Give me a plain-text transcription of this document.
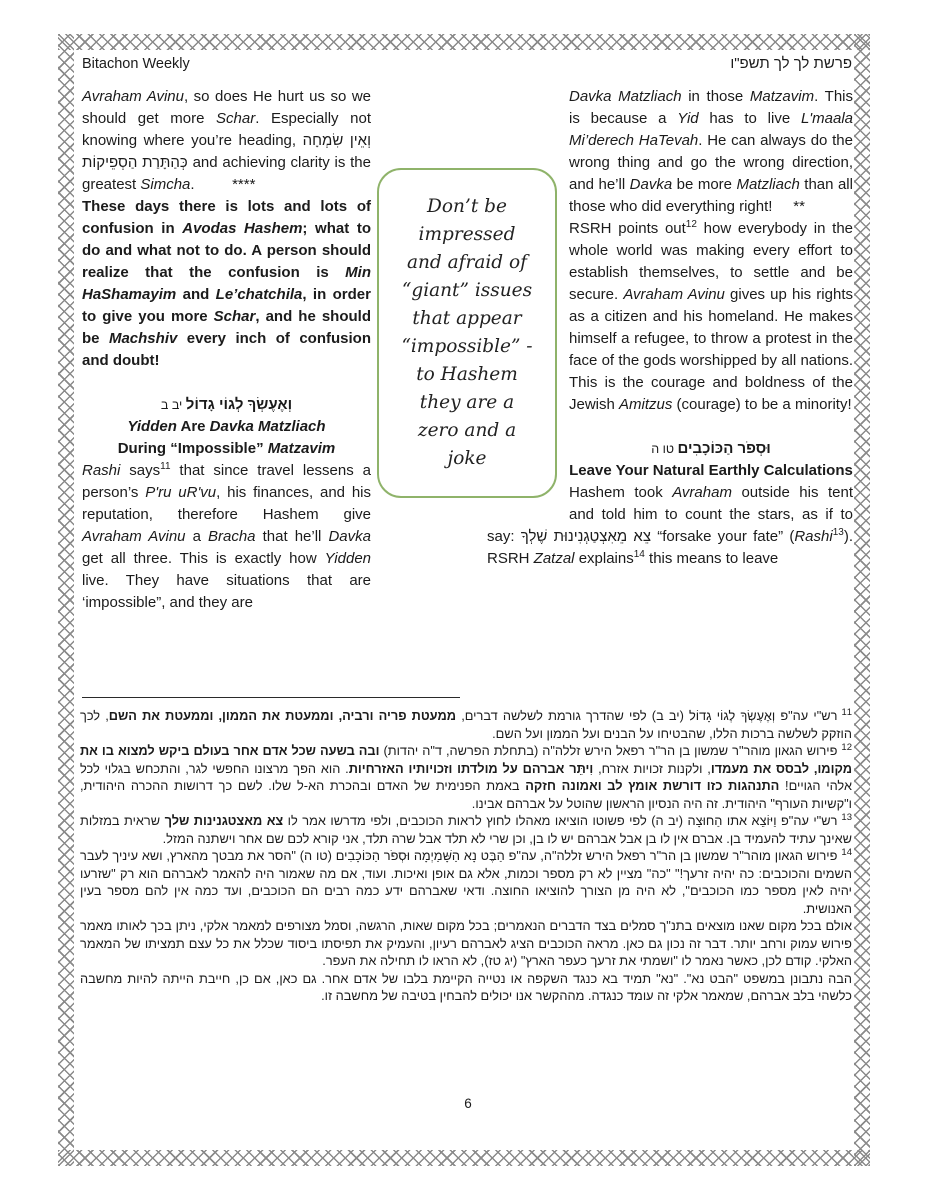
Bitachon Weekly	פרשת לך לך תשפ"ו

Avraham Avinu, so does He hurt us so we should get more Schar. Especially not knowing where you’re heading, וְאֵין שִׂמְחָה כְּהַתָּרַת הַסְפֵיקוֹת and achieving clarity is the greatest Simcha.         ****

These days there is lots and lots of confusion in Avodas Hashem; what to do and what not to do. A person should realize that the confusion is Min HaShamayim and Le’chatchila, in order to give you more Schar, and he should be Machshiv every inch of confusion and doubt!

וְאֶעֶשְׂךָ לְגוֹי גָדוֹל יב ב
Yidden Are Davka Matzliach
During “Impossible” Matzavim

Rashi says$^{11}$ that since travel lessens a person’s P'ru uR'vu, his finances, and his reputation, therefore Hashem give Avraham Avinu a Bracha that he’ll Davka get all three. This is exactly how Yidden live. They have situations that are ‘impossible”, and they are

Don’t be
impressed
and afraid of
“giant” issues
that appear
“impossible” -
to Hashem
they are a
zero and a
joke

Davka Matzliach in those Matzavim. This is because a Yid has to live L'maala Mi’derech HaTevah. He can always do the wrong thing and go the wrong direction, and he’ll Davka be more Matzliach than all those who did everything right!     **

RSRH points out$^{12}$ how everybody in the whole world was making every effort to establish themselves, to settle and be secure. Avraham Avinu gives up his rights as a citizen and his homeland. He makes himself a refugee, to throw a protest in the face of the gods worshipped by all nations. This is the courage and boldness of the Jewish Amitzus (courage) to be a minority!

וּסְפֹר הַכּוֹכָבִים טו ה
Leave Your Natural Earthly Calculations

Hashem took Avraham outside his tent and told him to count the stars, as if to say: צֵא מֵאִצְטַגְנִינוּת שֶׁלְךָ “forsake your fate” (Rashi$^{13}$). RSRH Zatzal explains$^{14}$ this means to leave

$^{11}$רש"י עה"פ וְאֶעֶשְׂךָ לְגוֹי גָדוֹל (יב ב) לפי שהדרך גורמת לשלשה דברים, ממעטת פריה ורביה, וממעטת את הממון, וממעטת את השם, לכך הוזקק לשלשה ברכות הללו, שהבטיחו על הבנים ועל הממון ועל השם.

$^{12}$פירוש הגאון מוהר"ר שמשון בן הר"ר רפאל הירש זללה"ה (בתחלת הפרשה, ד"ה יהדות) ובה בשעה שכל אדם אחר בעולם ביקש למצוא בו את מקומו, לבסס את מעמדו, ולקנות זכויות אזרח, וִיתֵּר אברהם על מולדתו וזכויותיו האזרחיות. הוא הפך מרצונו החפשי לגר, והתכחש בגלוי לכל אלהי הגויים! התנהגות כזו דורשת אומץ לב ואמונה חזקה באמת הפנימית של האדם ובהכרת הא-ל שלו. לשם כך דרושות ההכרה היהודית, ו"קשיות העורף" היהודית. זה היה הנסיון הראשון שהוטל על אברהם אבינו.

$^{13}$רש"י עה"פ וַיּוֹצֵא אתו הַחוּצָה (יב ה) לפי פשוטו הוציאו מאהלו לחוץ לראות הכוכבים, ולפי מדרשו אמר לו צא מאצטגנינות שלך שראית במזלות שאינך עתיד להעמיד בן. אברם אין לו בן אבל אברהם יש לו בן, וכן שרי לא תלד אבל שרה תלד, אני קורא לכם שם אחר וישתנה המזל.

$^{14}$פירוש הגאון מוהר"ר שמשון בן הר"ר רפאל הירש זללה"ה, עה"פ הַבֶּט נָא הַשָּׁמַיְמָה וּסְפֹר הַכּוֹכָבִים (טו ה) "הסר את מבטך מהארץ, ושא עיניך לעבר השמים והכוכבים: כה יהיה זרעך!" "כה" מציין לא רק מספר וכמות, אלא גם אופן ואיכות. ועוד, אם מה שאמור היה להאמר לאברהם הוא רק "שזרעו יהיה לאין מספר כמו הכוכבים", לא היה מן הצורך להוציאו החוצה. ודאי שאברהם ידע כמה רבים הם הכוכבים, ועד כמה אין להם מספר בעין האנושית.

אולם בכל מקום שאנו מוצאים בתנ"ך סמלים בצד הדברים הנאמרים; בכל מקום שאות, הרגשה, וסמל מצורפים למאמר אלקי, ניתן בכך לאותו מאמר פירוש עמוק ורחב יותר. דבר זה נכון גם כאן. מראה הכוכבים הציג לאברהם רעיון, והעמיק את תפיסתו ביסוד שכלל את כל עצם תמציתו של המאמר האלקי. קודם לכן, כאשר נאמר לו "ושמתי את זרעך כעפר הארץ" (יג טז), לא הראו לו תחילה את העפר.

הבה נתבונן במשפט "הבט נא". "נא" תמיד בא כנגד השקפה או נטייה הקיימת בלבו של אדם אחר. גם כאן, אם כן, חייבת הייתה להיות מחשבה כלשהי בלב אברהם, שמאמר אלקי זה עומד כנגדה. מההקשר אנו יכולים להבחין בטיבה של מחשבה זו.

6
